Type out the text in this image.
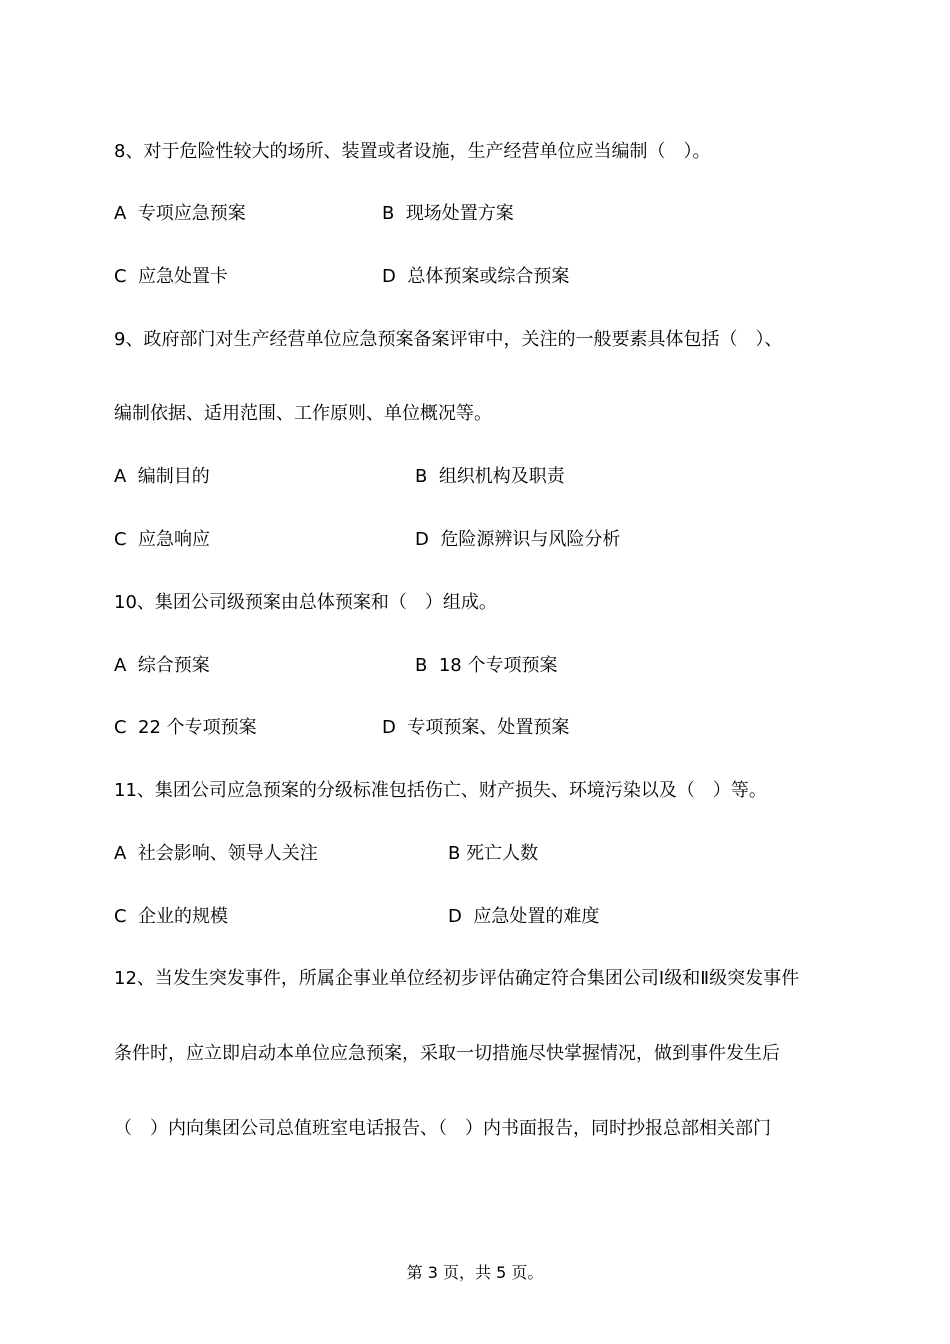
8、对于危险性较大的场所、装置或者设施，生产经营单位应当编制（　）。
A 专项应急预案	B 现场处置方案
C 应急处置卡	D 总体预案或综合预案
9、政府部门对生产经营单位应急预案备案评审中，关注的一般要素具体包括（　）、
编制依据、适用范围、工作原则、单位概况等。
A 编制目的	B 组织机构及职责
C 应急响应	D 危险源辨识与风险分析
10、集团公司级预案由总体预案和（　）组成。
A 综合预案	B 18 个专项预案
C 22 个专项预案	D 专项预案、处置预案
11、集团公司应急预案的分级标准包括伤亡、财产损失、环境污染以及（　）等。
A 社会影响、领导人关注	B 死亡人数
C 企业的规模	D 应急处置的难度
12、当发生突发事件，所属企事业单位经初步评估确定符合集团公司Ⅰ级和Ⅱ级突发事件
条件时，应立即启动本单位应急预案，采取一切措施尽快掌握情况，做到事件发生后
（　）内向集团公司总值班室电话报告、（　）内书面报告，同时抄报总部相关部门
第 3 页，共 5 页。
